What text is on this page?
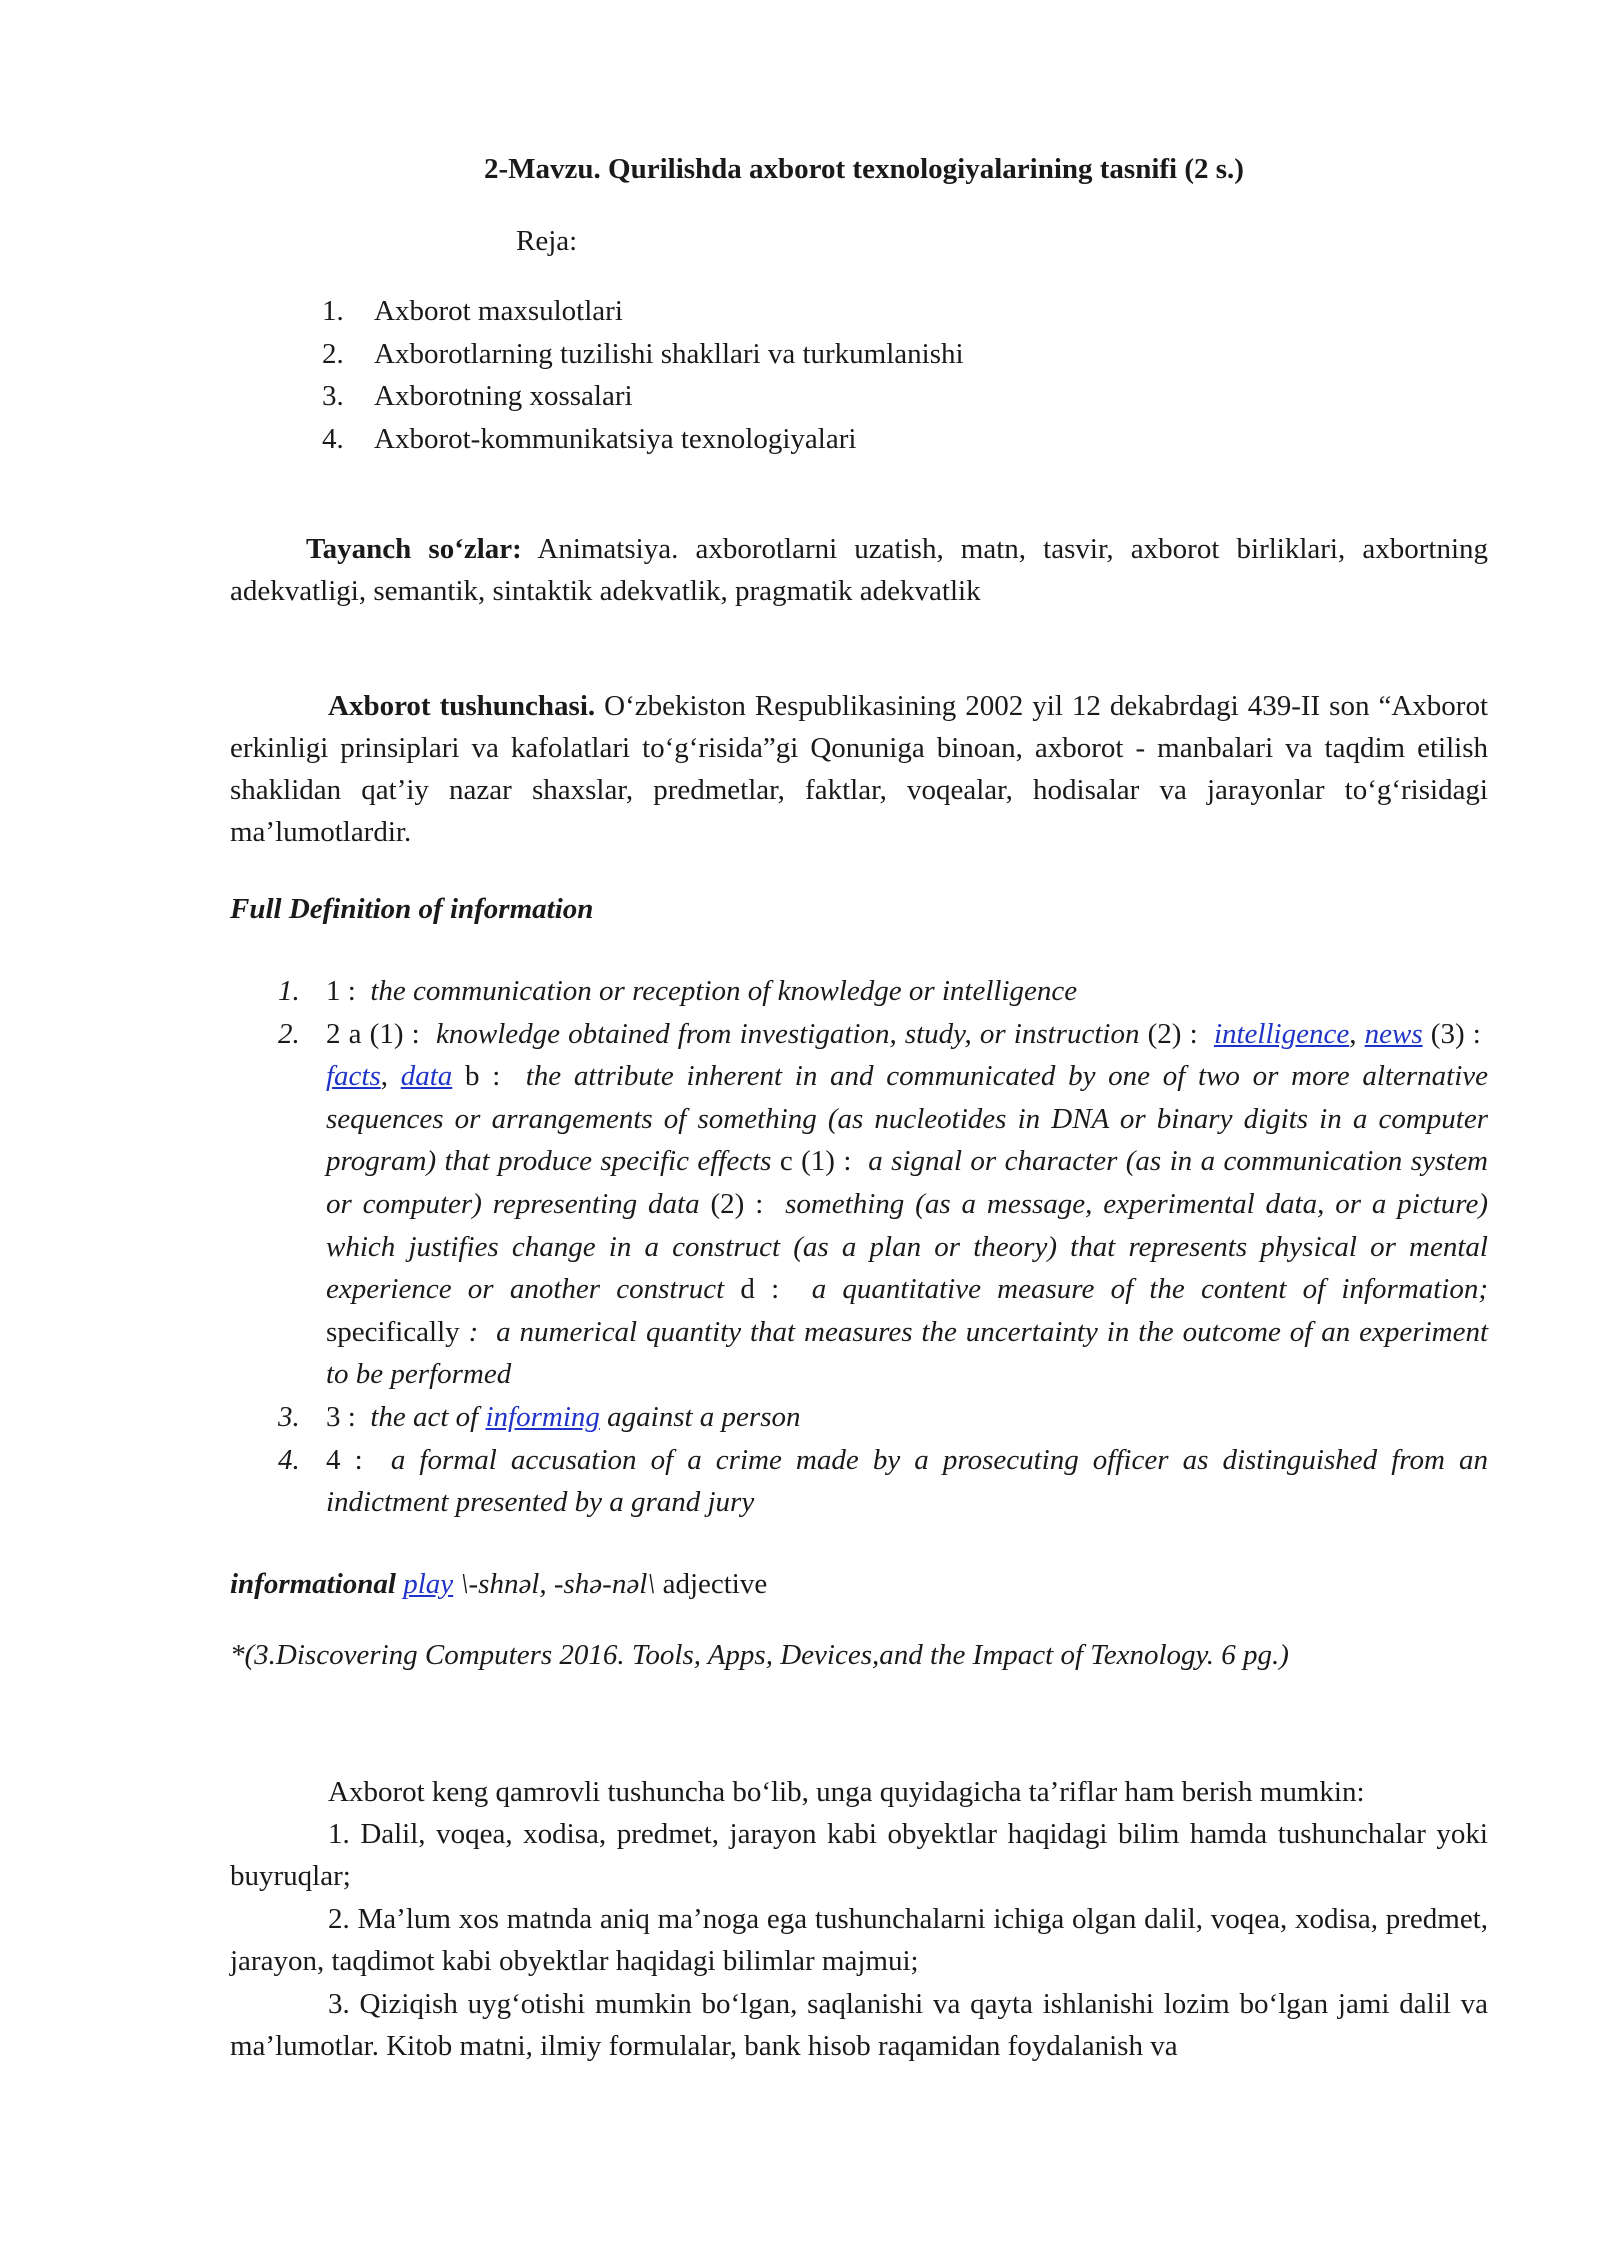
2-Mavzu. Qurilishda axborot texnologiyalarining tasnifi (2 s.)
Reja:
1. Axborot maxsulotlari
2. Axborotlarning tuzilishi shakllari va turkumlanishi
3. Axborotning xossalari
4. Axborot-kommunikatsiya texnologiyalari

Tayanch so‘zlar: Animatsiya. axborotlarni uzatish, matn, tasvir, axborot birliklari, axbortning adekvatligi, semantik, sintaktik adekvatlik, pragmatik adekvatlik

Axborot tushunchasi. O‘zbekiston Respublikasining 2002 yil 12 dekabrdagi 439-II son “Axborot erkinligi prinsiplari va kafolatlari to‘g‘risida”gi Qonuniga binoan, axborot - manbalari va taqdim etilish shaklidan qat’iy nazar shaxslar, predmetlar, faktlar, voqealar, hodisalar va jarayonlar to‘g‘risidagi ma’lumotlardir.

Full Definition of information
1. 1 : the communication or reception of knowledge or intelligence
2. 2 a (1) : knowledge obtained from investigation, study, or instruction (2) : intelligence, news (3) :  facts, data b : the attribute inherent in and communicated by one of two or more alternative sequences or arrangements of something (as nucleotides in DNA or binary digits in a computer program) that produce specific effects c (1) : a signal or character (as in a communication system or computer) representing data (2) : something (as a message, experimental data, or a picture) which justifies change in a construct (as a plan or theory) that represents physical or mental experience or another construct d : a quantitative measure of the content of information; specifically : a numerical quantity that measures the uncertainty in the outcome of an experiment to be performed
3. 3 : the act of informing against a person
4. 4 : a formal accusation of a crime made by a prosecuting officer as distinguished from an indictment presented by a grand jury
informational play \-shnəl, -shə-nəl\ adjective
*(3.Discovering Computers 2016. Tools, Apps, Devices,and the Impact of Texnology. 6 pg.)

Axborot keng qamrovli tushuncha bo‘lib, unga quyidagicha ta’riflar ham berish mumkin:

1. Dalil, voqea, xodisa, predmet, jarayon kabi obyektlar haqidagi bilim hamda tushunchalar yoki buyruqlar;

2. Ma’lum xos matnda aniq ma’noga ega tushunchalarni ichiga olgan dalil, voqea, xodisa, predmet, jarayon, taqdimot kabi obyektlar haqidagi bilimlar majmui;

3. Qiziqish uyg‘otishi mumkin bo‘lgan, saqlanishi va qayta ishlanishi lozim bo‘lgan jami dalil va ma’lumotlar. Kitob matni, ilmiy formulalar, bank hisob raqamidan foydalanish va
